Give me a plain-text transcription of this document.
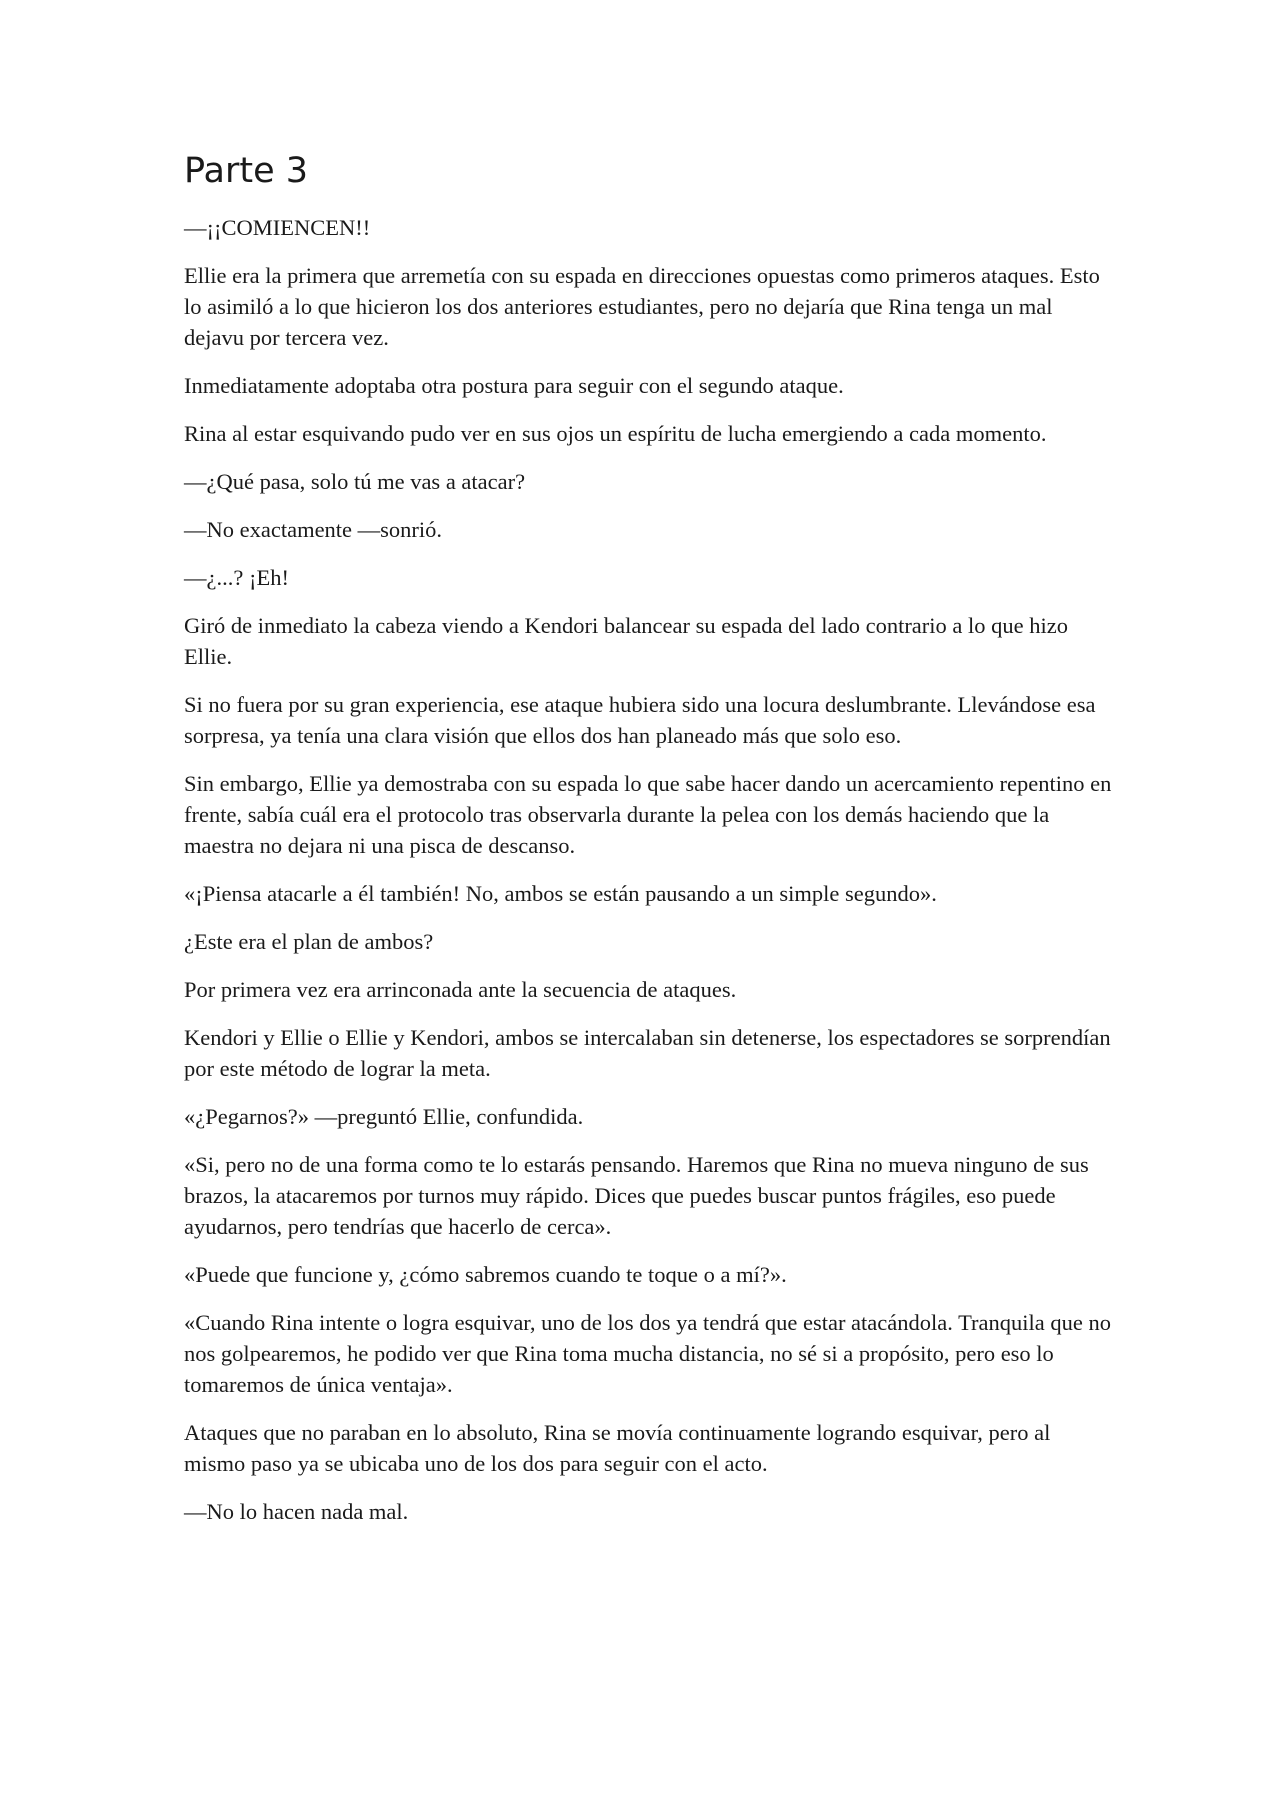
Parte 3

—¡¡COMIENCEN!!

Ellie era la primera que arremetía con su espada en direcciones opuestas como primeros ataques. Esto lo asimiló a lo que hicieron los dos anteriores estudiantes, pero no dejaría que Rina tenga un mal dejavu por tercera vez.

Inmediatamente adoptaba otra postura para seguir con el segundo ataque.

Rina al estar esquivando pudo ver en sus ojos un espíritu de lucha emergiendo a cada momento.

—¿Qué pasa, solo tú me vas a atacar?

—No exactamente —sonrió.

—¿...? ¡Eh!

Giró de inmediato la cabeza viendo a Kendori balancear su espada del lado contrario a lo que hizo Ellie.

Si no fuera por su gran experiencia, ese ataque hubiera sido una locura deslumbrante. Llevándose esa sorpresa, ya tenía una clara visión que ellos dos han planeado más que solo eso.

Sin embargo, Ellie ya demostraba con su espada lo que sabe hacer dando un acercamiento repentino en frente, sabía cuál era el protocolo tras observarla durante la pelea con los demás haciendo que la maestra no dejara ni una pisca de descanso.

«¡Piensa atacarle a él también! No, ambos se están pausando a un simple segundo».

¿Este era el plan de ambos?

Por primera vez era arrinconada ante la secuencia de ataques.

Kendori y Ellie o Ellie y Kendori, ambos se intercalaban sin detenerse, los espectadores se sorprendían por este método de lograr la meta.

«¿Pegarnos?» —preguntó Ellie, confundida.

«Si, pero no de una forma como te lo estarás pensando. Haremos que Rina no mueva ninguno de sus brazos, la atacaremos por turnos muy rápido. Dices que puedes buscar puntos frágiles, eso puede ayudarnos, pero tendrías que hacerlo de cerca».

«Puede que funcione y, ¿cómo sabremos cuando te toque o a mí?».

«Cuando Rina intente o logra esquivar, uno de los dos ya tendrá que estar atacándola. Tranquila que no nos golpearemos, he podido ver que Rina toma mucha distancia, no sé si a propósito, pero eso lo tomaremos de única ventaja».

Ataques que no paraban en lo absoluto, Rina se movía continuamente logrando esquivar, pero al mismo paso ya se ubicaba uno de los dos para seguir con el acto.

—No lo hacen nada mal.
